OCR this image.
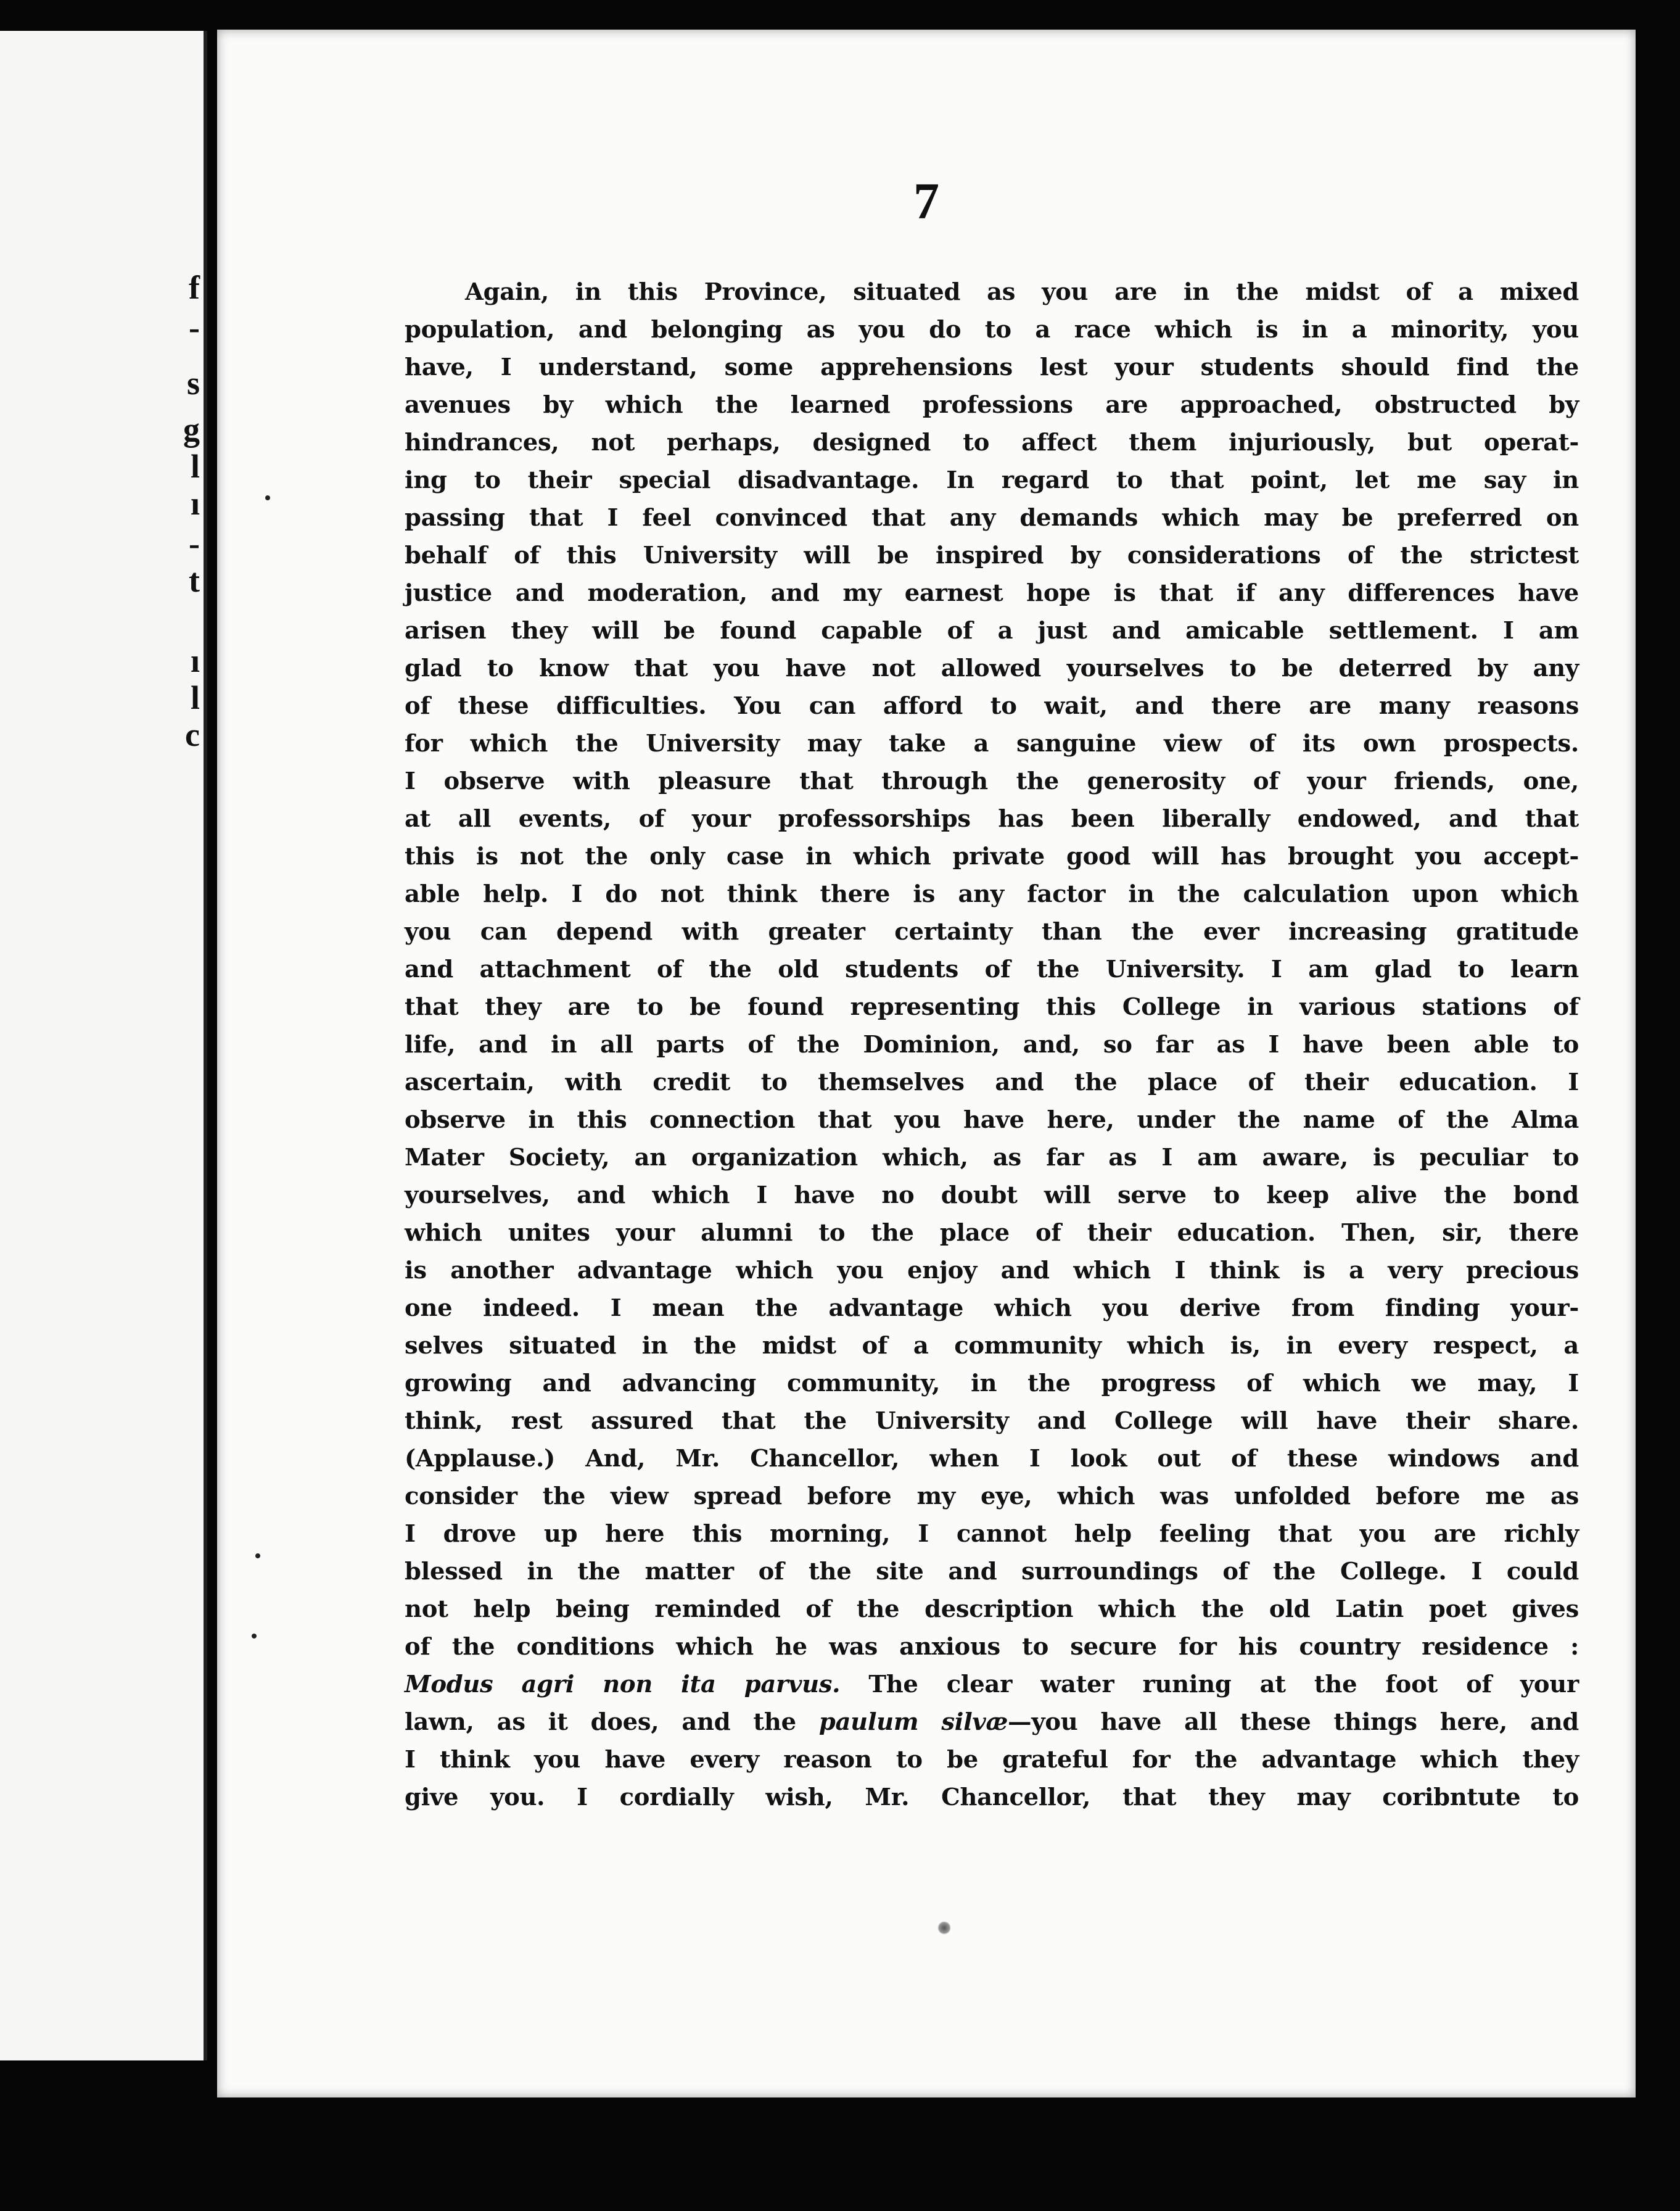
f
-
s
g
l
ı
-
t
ı
l
c
7

Again, in this Province, situated as you are in the midst of a mixed
population, and belonging as you do to a race which is in a minority, you
have, I understand, some apprehensions lest your students should find the
avenues by which the learned professions are approached, obstructed by
hindrances, not perhaps, designed to affect them injuriously, but operat-
ing to their special disadvantage. In regard to that point, let me say in
passing that I feel convinced that any demands which may be preferred on
behalf of this University will be inspired by considerations of the strictest
justice and moderation, and my earnest hope is that if any differences have
arisen they will be found capable of a just and amicable settlement. I am
glad to know that you have not allowed yourselves to be deterred by any
of these difficulties. You can afford to wait, and there are many reasons
for which the University may take a sanguine view of its own prospects.
I observe with pleasure that through the generosity of your friends, one,
at all events, of your professorships has been liberally endowed, and that
this is not the only case in which private good will has brought you accept-
able help. I do not think there is any factor in the calculation upon which
you can depend with greater certainty than the ever increasing gratitude
and attachment of the old students of the University. I am glad to learn
that they are to be found representing this College in various stations of
life, and in all parts of the Dominion, and, so far as I have been able to
ascertain, with credit to themselves and the place of their education. I
observe in this connection that you have here, under the name of the Alma
Mater Society, an organization which, as far as I am aware, is peculiar to
yourselves, and which I have no doubt will serve to keep alive the bond
which unites your alumni to the place of their education. Then, sir, there
is another advantage which you enjoy and which I think is a very precious
one indeed. I mean the advantage which you derive from finding your-
selves situated in the midst of a community which is, in every respect, a
growing and advancing community, in the progress of which we may, I
think, rest assured that the University and College will have their share.
(Applause.) And, Mr. Chancellor, when I look out of these windows and
consider the view spread before my eye, which was unfolded before me as
I drove up here this morning, I cannot help feeling that you are richly
blessed in the matter of the site and surroundings of the College. I could
not help being reminded of the description which the old Latin poet gives
of the conditions which he was anxious to secure for his country residence :
Modus agri non ita parvus. The clear water runing at the foot of your
lawn, as it does, and the paulum silvæ—you have all these things here, and
I think you have every reason to be grateful for the advantage which they
give you. I cordially wish, Mr. Chancellor, that they may coribntute to
